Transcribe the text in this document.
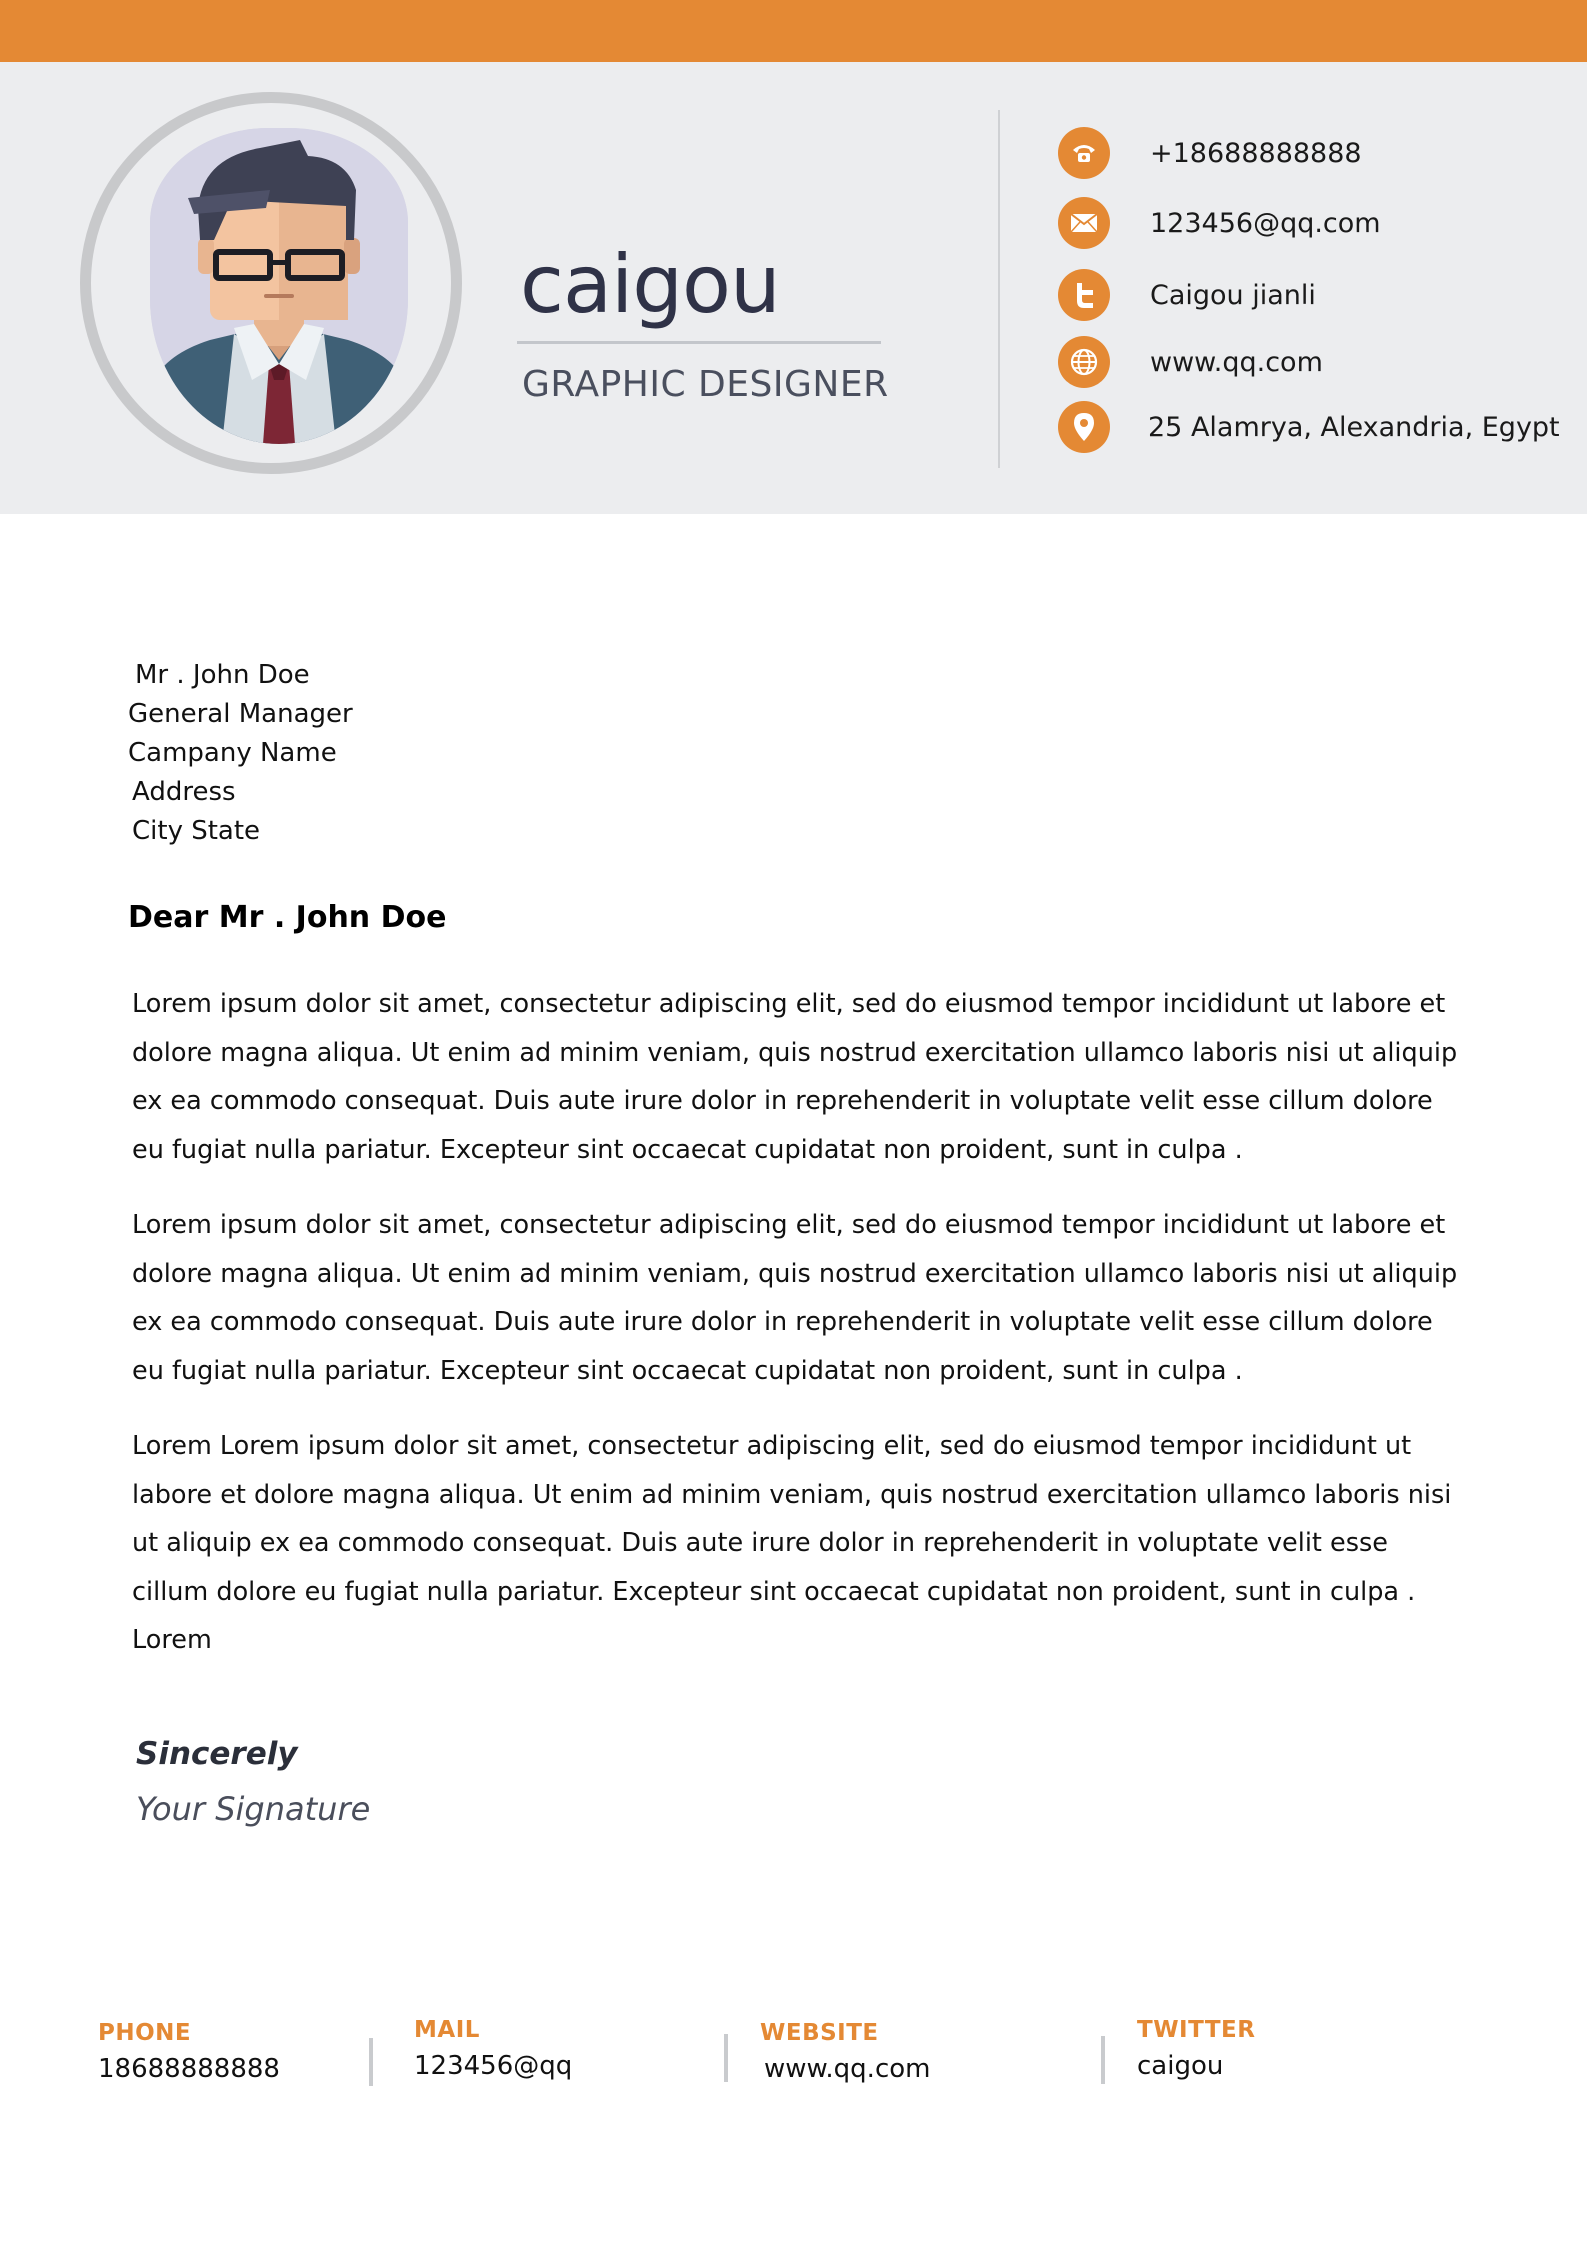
caigou
GRAPHIC DESIGNER
+18688888888
123456@qq.com
Caigou jianli
www.qq.com
25 Alamrya, Alexandria, Egypt
Mr . John Doe
General Manager
Campany Name
Address
City State
Dear Mr . John Doe

Lorem ipsum dolor sit amet, consectetur adipiscing elit, sed do eiusmod tempor incididunt ut labore et dolore magna aliqua. Ut enim ad minim veniam, quis nostrud exercitation ullamco laboris nisi ut aliquip ex ea commodo consequat. Duis aute irure dolor in reprehenderit in voluptate velit esse cillum dolore eu fugiat nulla pariatur. Excepteur sint occaecat cupidatat non proident, sunt in culpa .

Lorem ipsum dolor sit amet, consectetur adipiscing elit, sed do eiusmod tempor incididunt ut labore et dolore magna aliqua. Ut enim ad minim veniam, quis nostrud exercitation ullamco laboris nisi ut aliquip ex ea commodo consequat. Duis aute irure dolor in reprehenderit in voluptate velit esse cillum dolore eu fugiat nulla pariatur. Excepteur sint occaecat cupidatat non proident, sunt in culpa .

Lorem Lorem ipsum dolor sit amet, consectetur adipiscing elit, sed do eiusmod tempor incididunt ut labore et dolore magna aliqua. Ut enim ad minim veniam, quis nostrud exercitation ullamco laboris nisi ut aliquip ex ea commodo consequat. Duis aute irure dolor in reprehenderit in voluptate velit esse cillum dolore eu fugiat nulla pariatur. Excepteur sint occaecat cupidatat non proident, sunt in culpa . Lorem

Sincerely
Your Signature
PHONE
18688888888
MAIL
123456@qq
WEBSITE
www.qq.com
TWITTER
caigou
